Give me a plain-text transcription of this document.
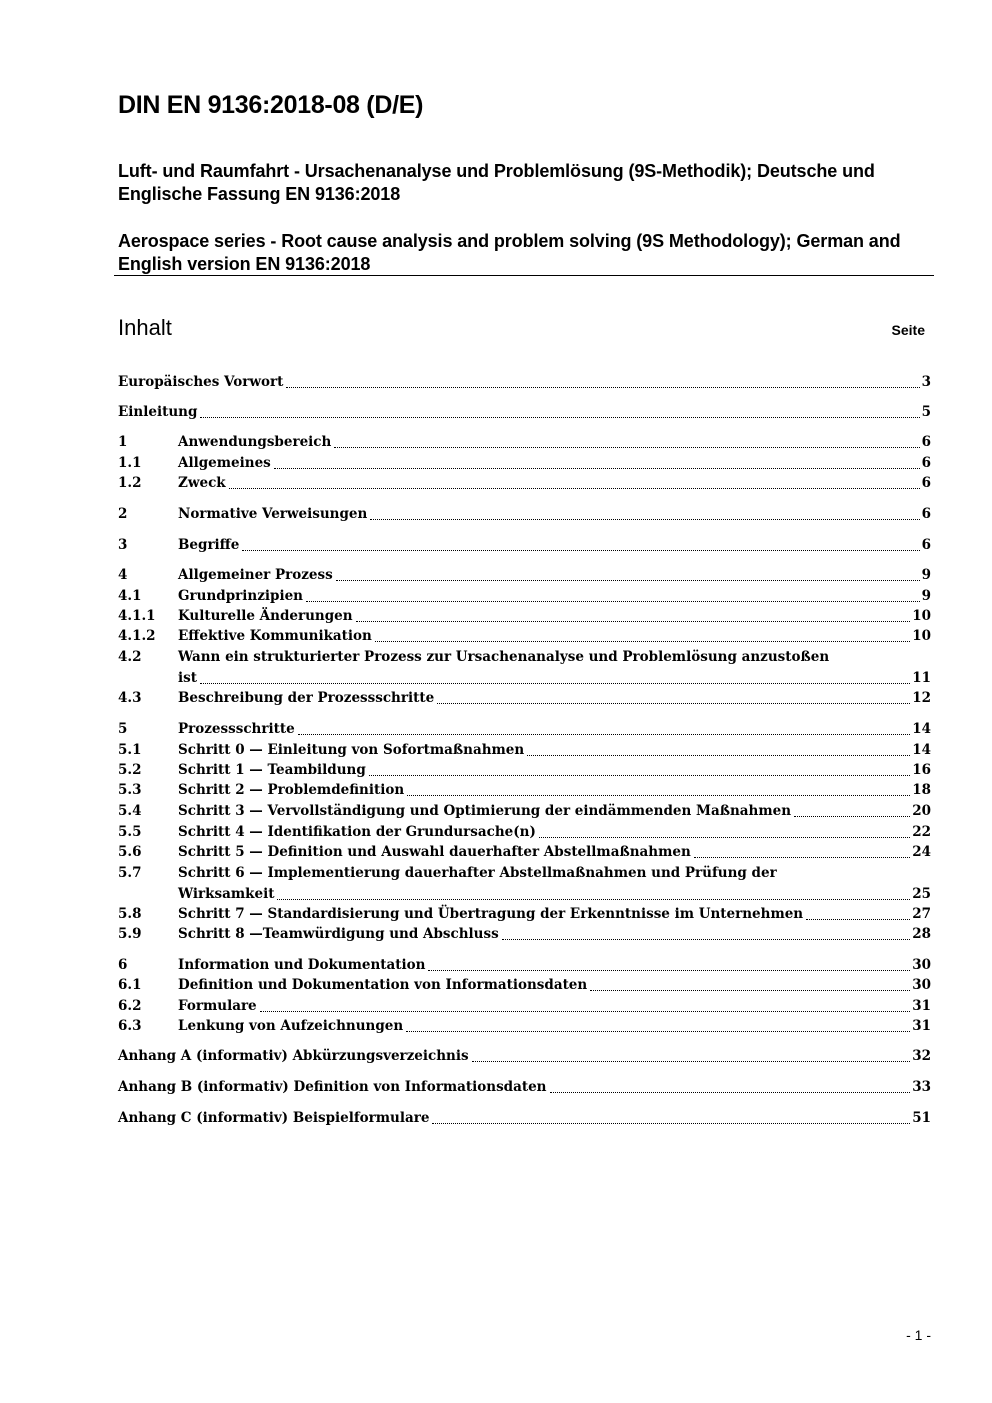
DIN EN 9136:2018-08 (D/E)
Luft- und Raumfahrt - Ursachenanalyse und Problemlösung (9S-Methodik); Deutsche und Englische Fassung EN 9136:2018
Aerospace series - Root cause analysis and problem solving (9S Methodology); German and English version EN 9136:2018
Inhalt	Seite
Europäisches Vorwort	3
Einleitung	5
1	Anwendungsbereich	6
1.1	Allgemeines	6
1.2	Zweck	6
2	Normative Verweisungen	6
3	Begriffe	6
4	Allgemeiner Prozess	9
4.1	Grundprinzipien	9
4.1.1	Kulturelle Änderungen	10
4.1.2	Effektive Kommunikation	10
4.2	Wann ein strukturierter Prozess zur Ursachenanalyse und Problemlösung anzustoßen
ist	11
4.3	Beschreibung der Prozessschritte	12
5	Prozessschritte	14
5.1	Schritt 0 — Einleitung von Sofortmaßnahmen	14
5.2	Schritt 1 — Teambildung	16
5.3	Schritt 2 — Problemdefinition	18
5.4	Schritt 3 — Vervollständigung und Optimierung der eindämmenden Maßnahmen	20
5.5	Schritt 4 — Identifikation der Grundursache(n)	22
5.6	Schritt 5 — Definition und Auswahl dauerhafter Abstellmaßnahmen	24
5.7	Schritt 6 — Implementierung dauerhafter Abstellmaßnahmen und Prüfung der
Wirksamkeit	25
5.8	Schritt 7 — Standardisierung und Übertragung der Erkenntnisse im Unternehmen	27
5.9	Schritt 8 —Teamwürdigung und Abschluss	28
6	Information und Dokumentation	30
6.1	Definition und Dokumentation von Informationsdaten	30
6.2	Formulare	31
6.3	Lenkung von Aufzeichnungen	31
Anhang A (informativ) Abkürzungsverzeichnis	32
Anhang B (informativ) Definition von Informationsdaten	33
Anhang C (informativ) Beispielformulare	51
- 1 -
